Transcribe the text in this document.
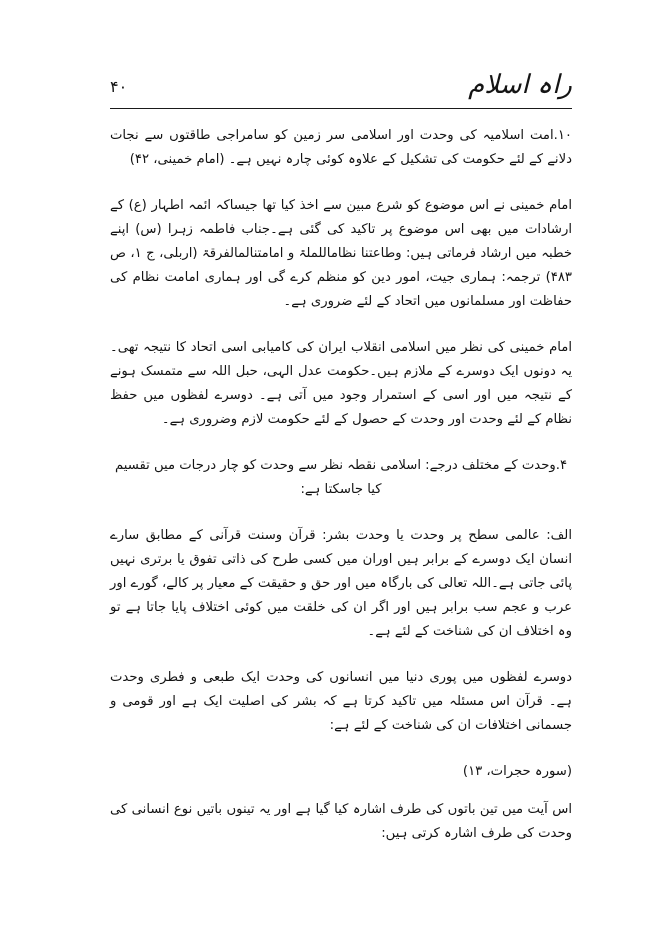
راہ اسلام
۴۰

۱۰.امت اسلامیہ کی وحدت اور اسلامی سر زمین کو سامراجی طاقتوں سے نجات دلانے کے لئے حکومت کی تشکیل کے علاوہ کوئی چارہ نہیں ہے۔ (امام خمینی، ۴۲)

امام خمینی نے اس موضوع کو شرع مبین سے اخذ کیا تھا جیساکہ ائمہ اطہار (ع) کے ارشادات میں بھی اس موضوع پر تاکید کی گئی ہے۔جناب فاطمہ زہرا (س) اپنے خطبہ میں ارشاد فرماتی ہیں: وطاعتنا نظاماللملۃ و امامتنالمالفرقۃ (اربلی، ج ۱، ص ۴۸۳) ترجمہ: ہماری جیت، امور دین کو منظم کرے گی اور ہماری امامت نظام کی حفاظت اور مسلمانوں میں اتحاد کے لئے ضروری ہے۔

امام خمینی کی نظر میں اسلامی انقلاب ایران کی کامیابی اسی اتحاد کا نتیجہ تھی۔ یہ دونوں ایک دوسرے کے ملازم ہیں۔حکومت عدل الہی، حبل اللہ سے متمسک ہونے کے نتیجہ میں اور اسی کے استمرار وجود میں آتی ہے۔ دوسرے لفظوں میں حفظ نظام کے لئے وحدت اور وحدت کے حصول کے لئے حکومت لازم وضروری ہے۔

۴.وحدت کے مختلف درجے: اسلامی نقطہ نظر سے وحدت کو چار درجات میں تقسیم کیا جاسکتا ہے:

الف: عالمی سطح پر وحدت یا وحدت بشر: قرآن وسنت قرآنی کے مطابق سارے انسان ایک دوسرے کے برابر ہیں اوران میں کسی طرح کی ذاتی تفوق یا برتری نہیں پائی جاتی ہے۔اللہ تعالی کی بارگاہ میں اور حق و حقیقت کے معیار پر کالے، گورے اور عرب و عجم سب برابر ہیں اور اگر ان کی خلقت میں کوئی اختلاف پایا جاتا ہے تو وہ اختلاف ان کی شناخت کے لئے ہے۔

دوسرے لفظوں میں پوری دنیا میں انسانوں کی وحدت ایک طبعی و فطری وحدت ہے۔ قرآن اس مسئلہ میں تاکید کرتا ہے کہ بشر کی اصلیت ایک ہے اور قومی و جسمانی اختلافات ان کی شناخت کے لئے ہے:

(سورہ حجرات، ۱۳)

اس آیت میں تین باتوں کی طرف اشارہ کیا گیا ہے اور یہ تینوں باتیں نوع انسانی کی وحدت کی طرف اشارہ کرتی ہیں:
